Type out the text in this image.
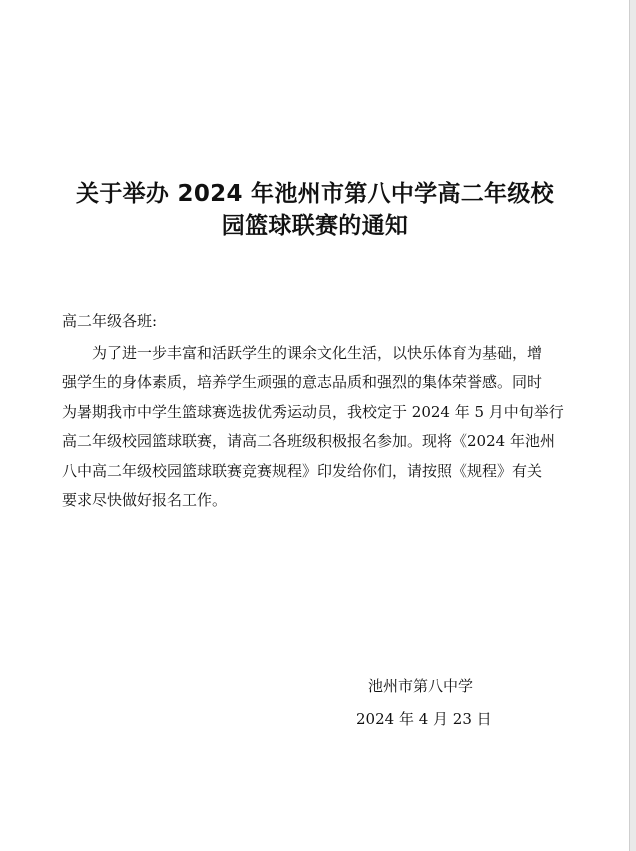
关于举办 2024 年池州市第八中学高二年级校
园篮球联赛的通知
高二年级各班:
为了进一步丰富和活跃学生的课余文化生活，以快乐体育为基础，增
强学生的身体素质，培养学生顽强的意志品质和强烈的集体荣誉感。同时
为暑期我市中学生篮球赛选拔优秀运动员，我校定于 2024 年 5 月中旬举行
高二年级校园篮球联赛，请高二各班级积极报名参加。现将《2024 年池州
八中高二年级校园篮球联赛竞赛规程》印发给你们，请按照《规程》有关
要求尽快做好报名工作。
池州市第八中学
2024 年 4 月 23 日
